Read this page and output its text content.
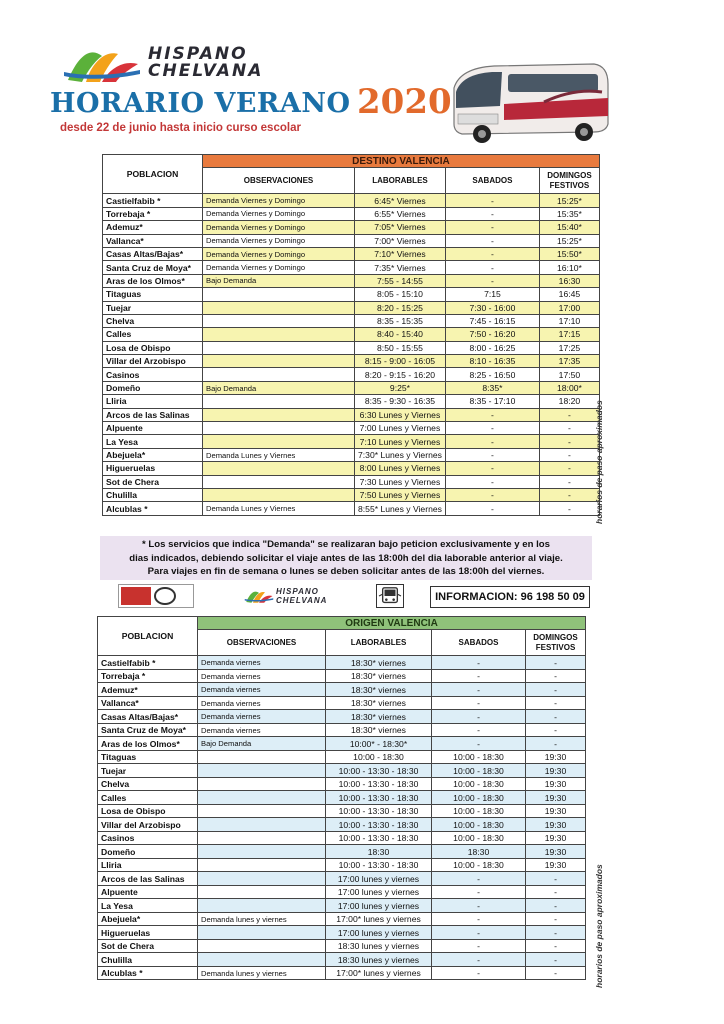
HISPANO
CHELVANA
HORARIO VERANO 2020
desde 22 de junio hasta inicio curso escolar
POBLACION	DESTINO VALENCIA			
	OBSERVACIONES	LABORABLES	SABADOS	DOMINGOS FESTIVOS
Castielfabib *	Demanda Viernes y Domingo	6:45* Viernes	-	15:25*
Torrebaja *	Demanda Viernes y Domingo	6:55* Viernes	-	15:35*
Ademuz*	Demanda Viernes y Domingo	7:05* Viernes	-	15:40*
Vallanca*	Demanda Viernes y Domingo	7:00* Viernes	-	15:25*
Casas Altas/Bajas*	Demanda Viernes y Domingo	7:10* Viernes	-	15:50*
Santa Cruz de Moya*	Demanda Viernes y Domingo	7:35* Viernes	-	16:10*
Aras de los Olmos*	Bajo Demanda	7:55 - 14:55	-	16:30
Titaguas		8:05 - 15:10	7:15	16:45
Tuejar		8:20 - 15:25	7:30 - 16:00	17:00
Chelva		8:35 - 15:35	7:45 - 16:15	17:10
Calles		8:40 - 15:40	7:50 - 16:20	17:15
Losa de Obispo		8:50 - 15:55	8:00 - 16:25	17:25
Villar del Arzobispo		8:15 - 9:00 - 16:05	8:10 - 16:35	17:35
Casinos		8:20 - 9:15 - 16:20	8:25 - 16:50	17:50
Domeño	Bajo Demanda	9:25*	8:35*	18:00*
Lliria		8:35 - 9:30 - 16:35	8:35 - 17:10	18:20
Arcos de las Salinas		6:30 Lunes y Viernes	-	-
Alpuente		7:00 Lunes y Viernes	-	-
La Yesa		7:10 Lunes y Viernes	-	-
Abejuela*	Demanda Lunes y Viernes	7:30* Lunes y Viernes	-	-
Higueruelas		8:00 Lunes y Viernes	-	-
Sot de Chera		7:30 Lunes y Viernes	-	-
Chulilla		7:50 Lunes y Viernes	-	-
Alcublas *	Demanda Lunes y Viernes	8:55* Lunes y Viernes	-	-	horarios de paso aproximados
* Los servicios que indica "Demanda" se realizaran bajo peticion exclusivamente y en los
dias indicados, debiendo solicitar el viaje antes de las 18:00h del dia laborable anterior al viaje.
Para viajes en fin de semana o lunes se deben solicitar antes de las 18:00h del viernes.
HISPANO
CHELVANA	INFORMACION: 96 198 50 09
POBLACION	ORIGEN VALENCIA			
	OBSERVACIONES	LABORABLES	SABADOS	DOMINGOS FESTIVOS
Castielfabib *	Demanda viernes	18:30* viernes	-	-
Torrebaja *	Demanda viernes	18:30* viernes	-	-
Ademuz*	Demanda viernes	18:30* viernes	-	-
Vallanca*	Demanda viernes	18:30* viernes	-	-
Casas Altas/Bajas*	Demanda viernes	18:30* viernes	-	-
Santa Cruz de Moya*	Demanda viernes	18:30* viernes	-	-
Aras de los Olmos*	Bajo Demanda	10:00* - 18:30*	-	-
Titaguas		10:00 - 18:30	10:00 - 18:30	19:30
Tuejar		10:00 - 13:30 - 18:30	10:00 - 18:30	19:30
Chelva		10:00 - 13:30 - 18:30	10:00 - 18:30	19:30
Calles		10:00 - 13:30 - 18:30	10:00 - 18:30	19:30
Losa de Obispo		10:00 - 13:30 - 18:30	10:00 - 18:30	19:30
Villar del Arzobispo		10:00 - 13:30 - 18:30	10:00 - 18:30	19:30
Casinos		10:00 - 13:30 - 18:30	10:00 - 18:30	19:30
Domeño		18:30	18:30	19:30
Lliria		10:00 - 13:30 - 18:30	10:00 - 18:30	19:30
Arcos de las Salinas		17:00 lunes y viernes	-	-
Alpuente		17:00 lunes y viernes	-	-
La Yesa		17:00 lunes y viernes	-	-
Abejuela*	Demanda lunes y viernes	17:00* lunes y viernes	-	-
Higueruelas		17:00 lunes y viernes	-	-
Sot de Chera		18:30 lunes y viernes	-	-
Chulilla		18:30 lunes y viernes	-	-
Alcublas *	Demanda lunes y viernes	17:00* lunes y viernes	-	-	horarios de paso aproximados
